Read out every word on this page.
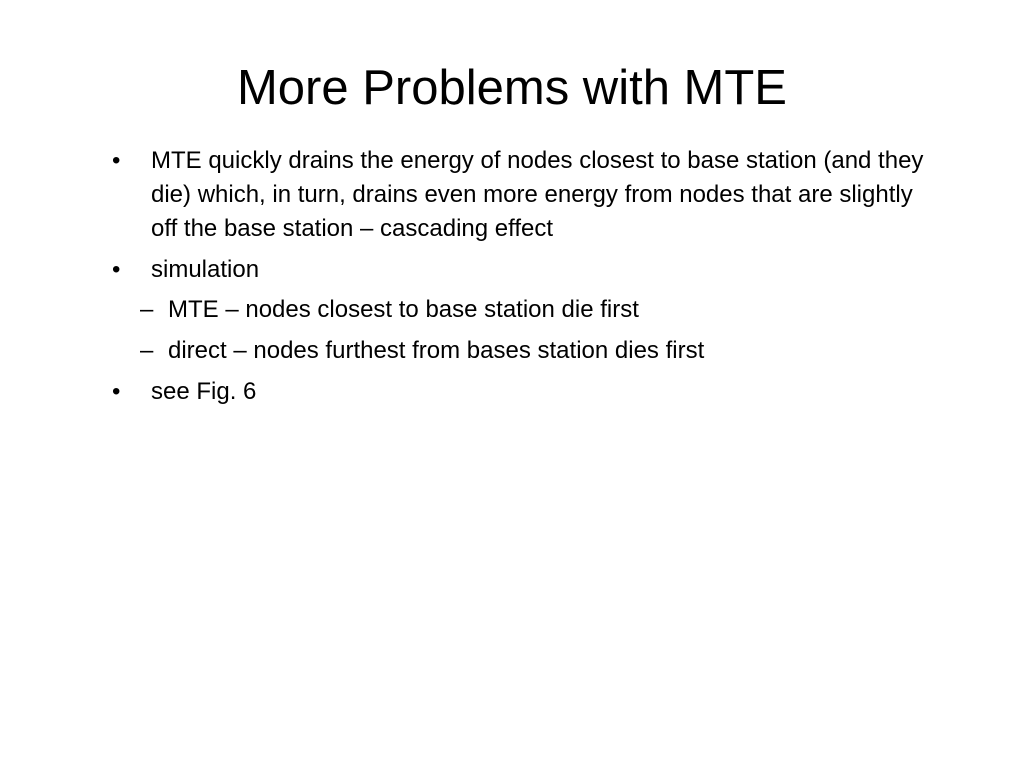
More Problems with MTE
•	MTE quickly drains the energy of nodes closest to base station (and they die) which, in turn, drains even more energy from nodes that are slightly off the base station – cascading effect
•	simulation
– MTE – nodes closest to base station die first
– direct – nodes furthest from bases station dies first
•	see Fig. 6
